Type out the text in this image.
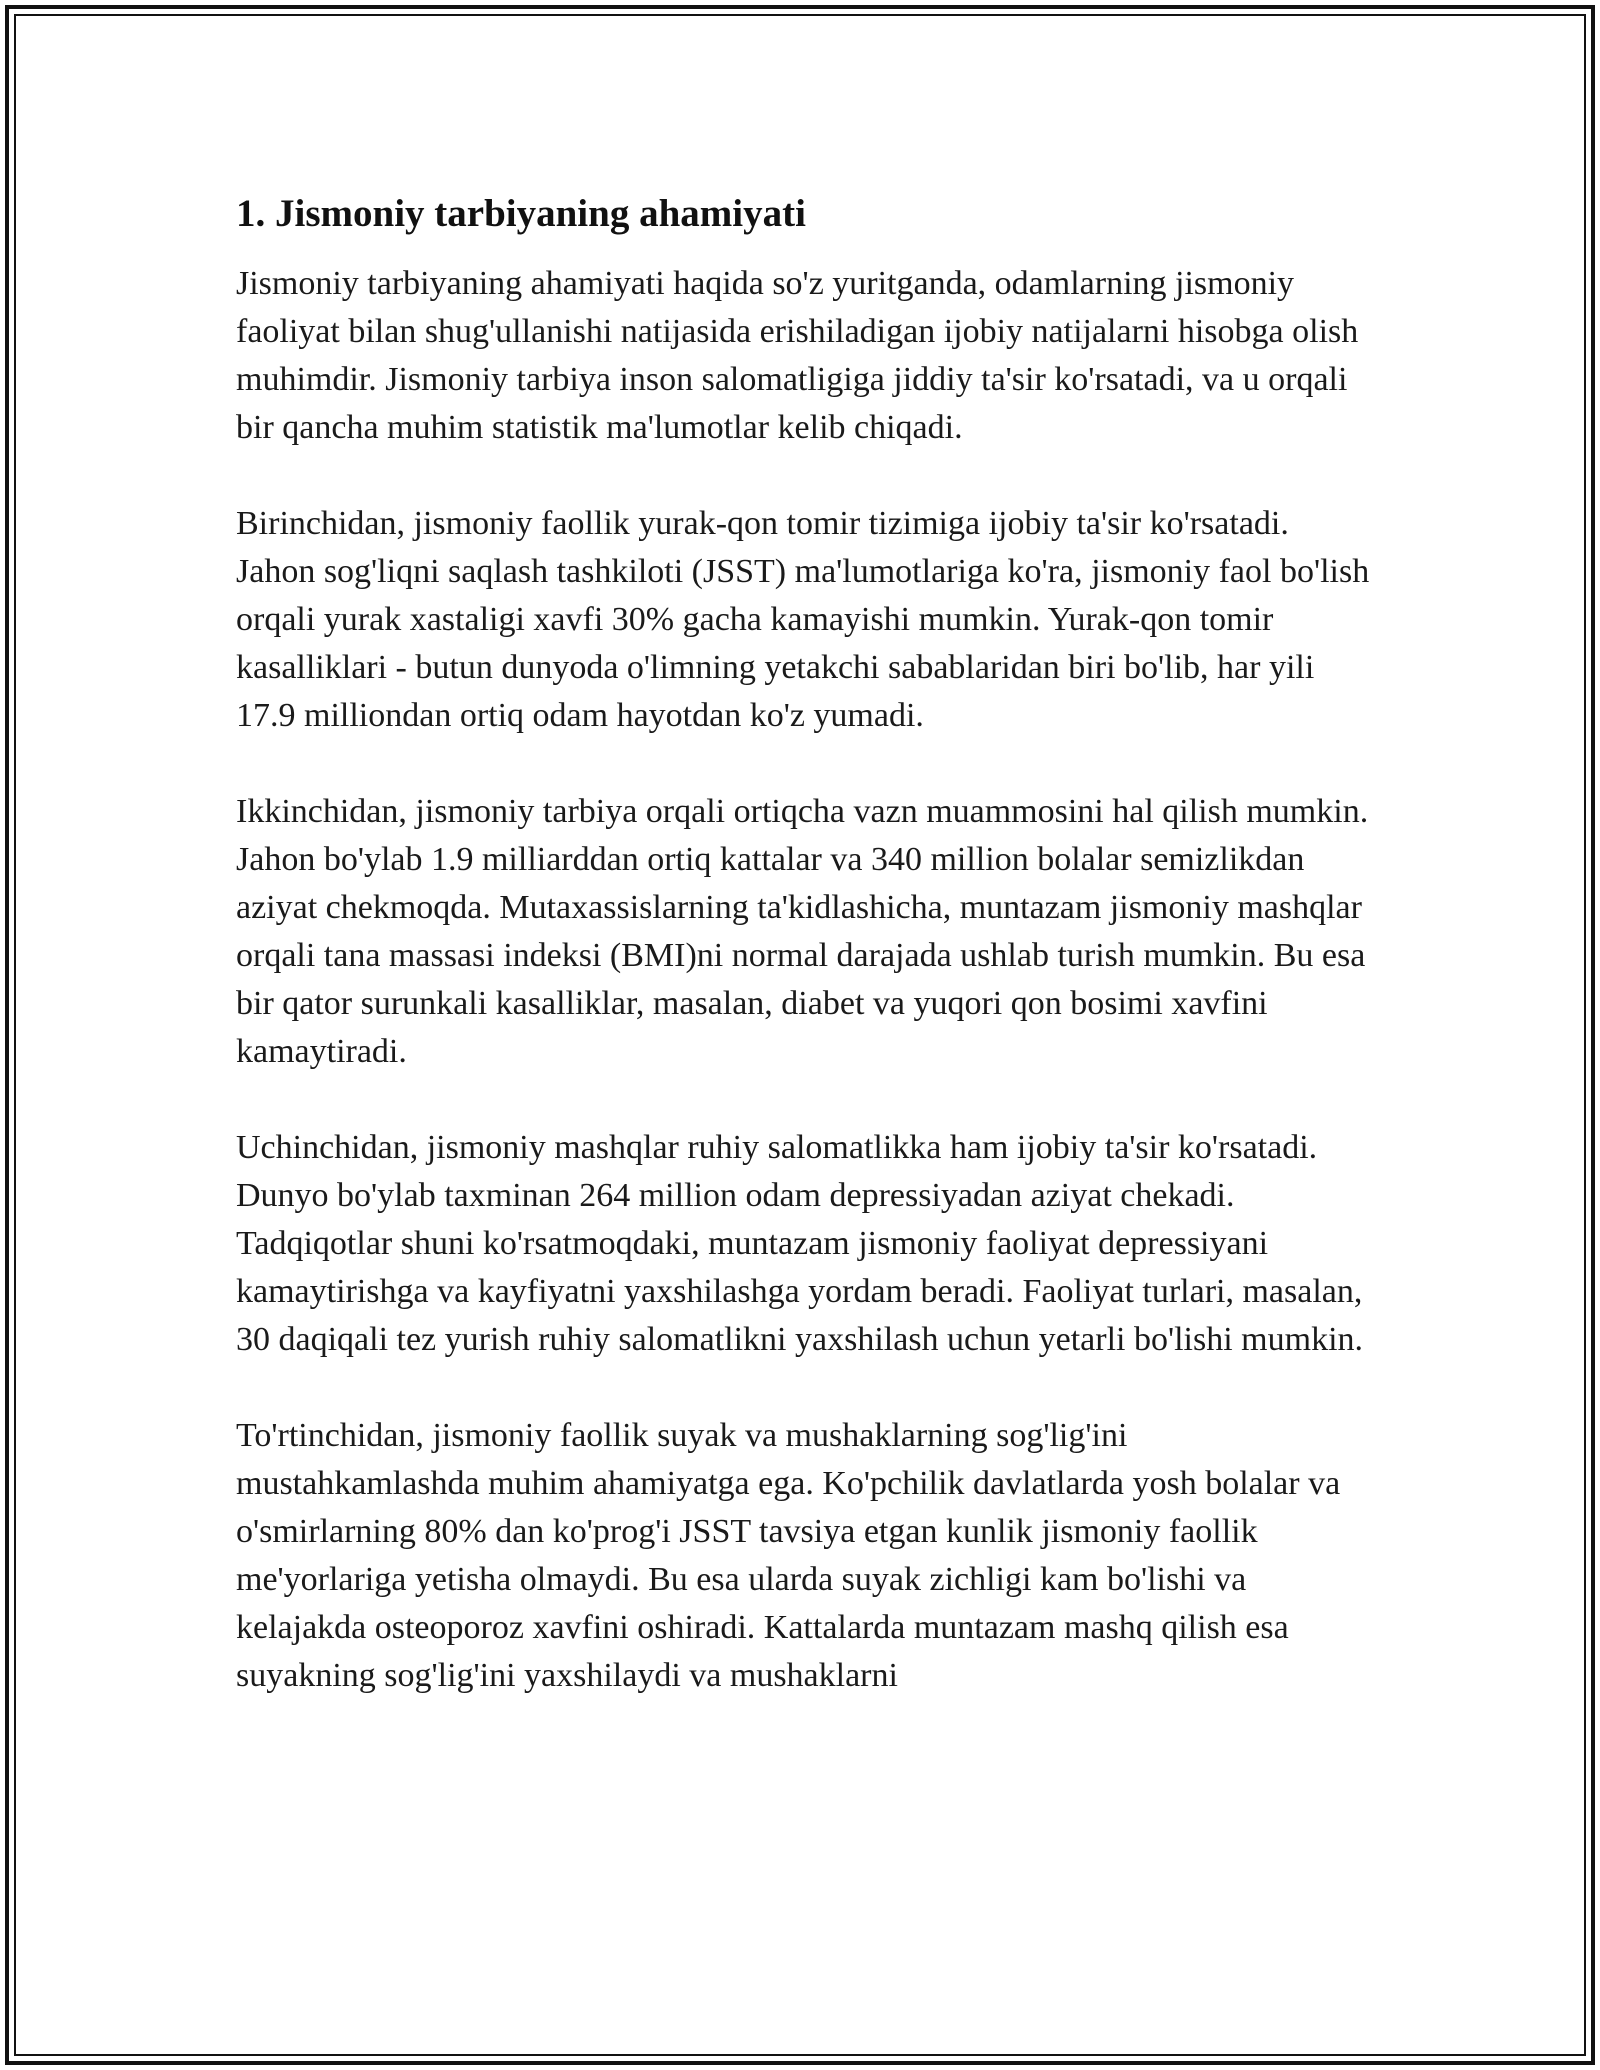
1. Jismoniy tarbiyaning ahamiyati

Jismoniy tarbiyaning ahamiyati haqida so'z yuritganda, odamlarning jismoniy faoliyat bilan shug'ullanishi natijasida erishiladigan ijobiy natijalarni hisobga olish muhimdir. Jismoniy tarbiya inson salomatligiga jiddiy ta'sir ko'rsatadi, va u orqali bir qancha muhim statistik ma'lumotlar kelib chiqadi.

Birinchidan, jismoniy faollik yurak-qon tomir tizimiga ijobiy ta'sir ko'rsatadi. Jahon sog'liqni saqlash tashkiloti (JSST) ma'lumotlariga ko'ra, jismoniy faol bo'lish orqali yurak xastaligi xavfi 30% gacha kamayishi mumkin. Yurak-qon tomir kasalliklari - butun dunyoda o'limning yetakchi sabablaridan biri bo'lib, har yili 17.9 milliondan ortiq odam hayotdan ko'z yumadi.

Ikkinchidan, jismoniy tarbiya orqali ortiqcha vazn muammosini hal qilish mumkin. Jahon bo'ylab 1.9 milliarddan ortiq kattalar va 340 million bolalar semizlikdan aziyat chekmoqda. Mutaxassislarning ta'kidlashicha, muntazam jismoniy mashqlar orqali tana massasi indeksi (BMI)ni normal darajada ushlab turish mumkin. Bu esa bir qator surunkali kasalliklar, masalan, diabet va yuqori qon bosimi xavfini kamaytiradi.

Uchinchidan, jismoniy mashqlar ruhiy salomatlikka ham ijobiy ta'sir ko'rsatadi. Dunyo bo'ylab taxminan 264 million odam depressiyadan aziyat chekadi. Tadqiqotlar shuni ko'rsatmoqdaki, muntazam jismoniy faoliyat depressiyani kamaytirishga va kayfiyatni yaxshilashga yordam beradi. Faoliyat turlari, masalan, 30 daqiqali tez yurish ruhiy salomatlikni yaxshilash uchun yetarli bo'lishi mumkin.

To'rtinchidan, jismoniy faollik suyak va mushaklarning sog'lig'ini mustahkamlashda muhim ahamiyatga ega. Ko'pchilik davlatlarda yosh bolalar va o'smirlarning 80% dan ko'prog'i JSST tavsiya etgan kunlik jismoniy faollik me'yorlariga yetisha olmaydi. Bu esa ularda suyak zichligi kam bo'lishi va kelajakda osteoporoz xavfini oshiradi. Kattalarda muntazam mashq qilish esa suyakning sog'lig'ini yaxshilaydi va mushaklarni
